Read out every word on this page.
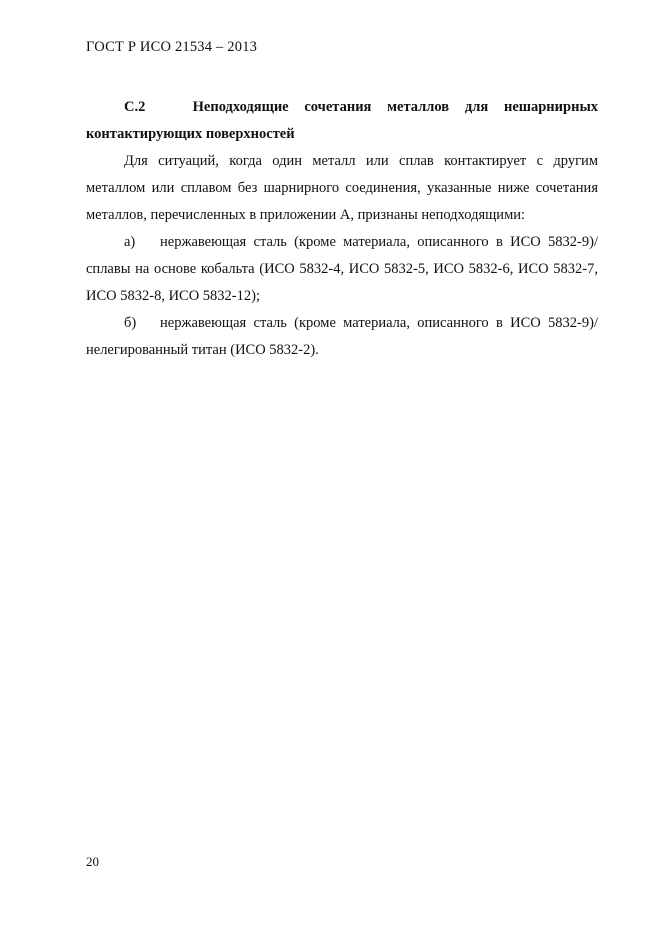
ГОСТ Р ИСО 21534 – 2013

С.2	Неподходящие сочетания металлов для нешарнирных контактирующих поверхностей

Для ситуаций, когда один металл или сплав контактирует с другим металлом или сплавом без шарнирного соединения, указанные ниже сочетания металлов, перечисленных в приложении А, признаны неподходящими:

а) нержавеющая сталь (кроме материала, описанного в ИСО 5832-9)/сплавы на основе кобальта (ИСО 5832-4, ИСО 5832-5, ИСО 5832-6, ИСО 5832-7, ИСО 5832-8, ИСО 5832-12);

б) нержавеющая сталь (кроме материала, описанного в ИСО 5832-9)/нелегированный титан (ИСО 5832-2).

20
